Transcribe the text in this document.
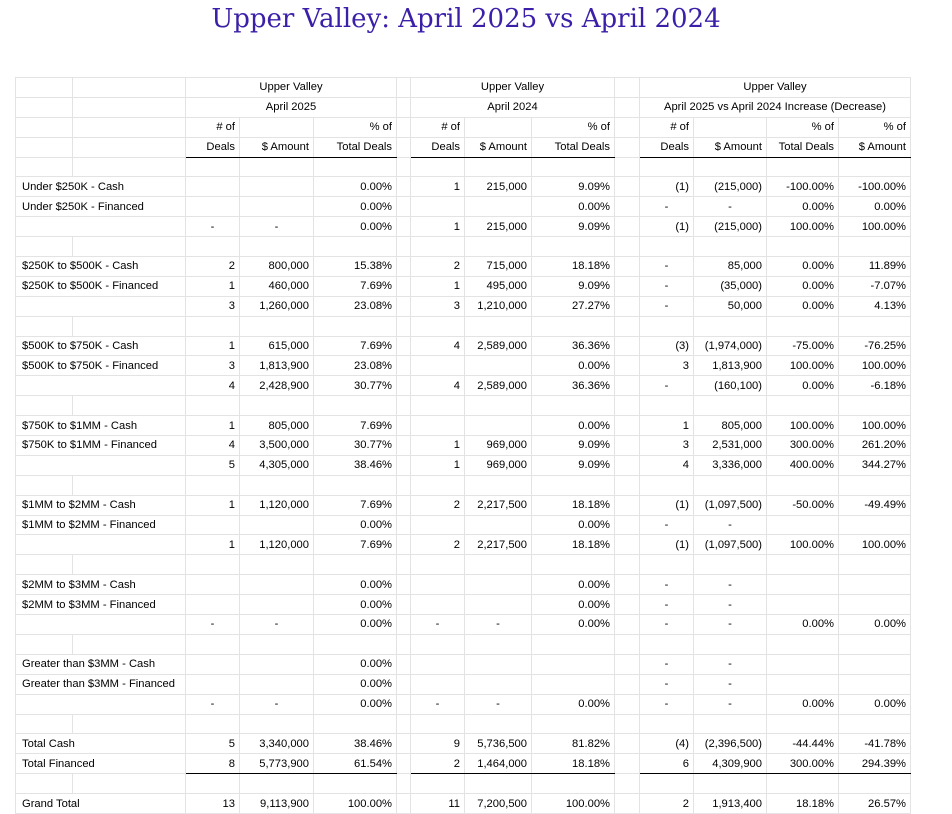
Upper Valley: April 2025 vs April 2024
		Upper Valley				Upper Valley				Upper Valley			
		April 2025				April 2024				April 2025 vs April 2024 Increase (Decrease)			
		# of		% of		# of		% of		# of		% of	% of
		Deals	$ Amount	Total Deals		Deals	$ Amount	Total Deals		Deals	$ Amount	Total Deals	$ Amount

Under $250K - Cash				0.00%		1	215,000	9.09%		(1)	(215,000)	-100.00%	-100.00%
Under $250K - Financed				0.00%				0.00%		-	-	0.00%	0.00%
		-	-	0.00%		1	215,000	9.09%		(1)	(215,000)	100.00%	100.00%

$250K to $500K - Cash		2	800,000	15.38%		2	715,000	18.18%		-	85,000	0.00%	11.89%
$250K to $500K - Financed		1	460,000	7.69%		1	495,000	9.09%		-	(35,000)	0.00%	-7.07%
		3	1,260,000	23.08%		3	1,210,000	27.27%		-	50,000	0.00%	4.13%

$500K to $750K - Cash		1	615,000	7.69%		4	2,589,000	36.36%		(3)	(1,974,000)	-75.00%	-76.25%
$500K to $750K - Financed		3	1,813,900	23.08%				0.00%		3	1,813,900	100.00%	100.00%
		4	2,428,900	30.77%		4	2,589,000	36.36%		-	(160,100)	0.00%	-6.18%

$750K to $1MM - Cash		1	805,000	7.69%				0.00%		1	805,000	100.00%	100.00%
$750K to $1MM - Financed		4	3,500,000	30.77%		1	969,000	9.09%		3	2,531,000	300.00%	261.20%
		5	4,305,000	38.46%		1	969,000	9.09%		4	3,336,000	400.00%	344.27%

$1MM to $2MM - Cash		1	1,120,000	7.69%		2	2,217,500	18.18%		(1)	(1,097,500)	-50.00%	-49.49%
$1MM to $2MM - Financed				0.00%				0.00%		-	-		
		1	1,120,000	7.69%		2	2,217,500	18.18%		(1)	(1,097,500)	100.00%	100.00%

$2MM to $3MM - Cash				0.00%				0.00%		-	-		
$2MM to $3MM - Financed				0.00%				0.00%		-	-		
		-	-	0.00%		-	-	0.00%		-	-	0.00%	0.00%

Greater than $3MM - Cash				0.00%						-	-		
Greater than $3MM - Financed				0.00%						-	-		
		-	-	0.00%		-	-	0.00%		-	-	0.00%	0.00%

Total Cash		5	3,340,000	38.46%		9	5,736,500	81.82%		(4)	(2,396,500)	-44.44%	-41.78%
Total Financed		8	5,773,900	61.54%		2	1,464,000	18.18%		6	4,309,900	300.00%	294.39%

Grand Total		13	9,113,900	100.00%		11	7,200,500	100.00%		2	1,913,400	18.18%	26.57%
